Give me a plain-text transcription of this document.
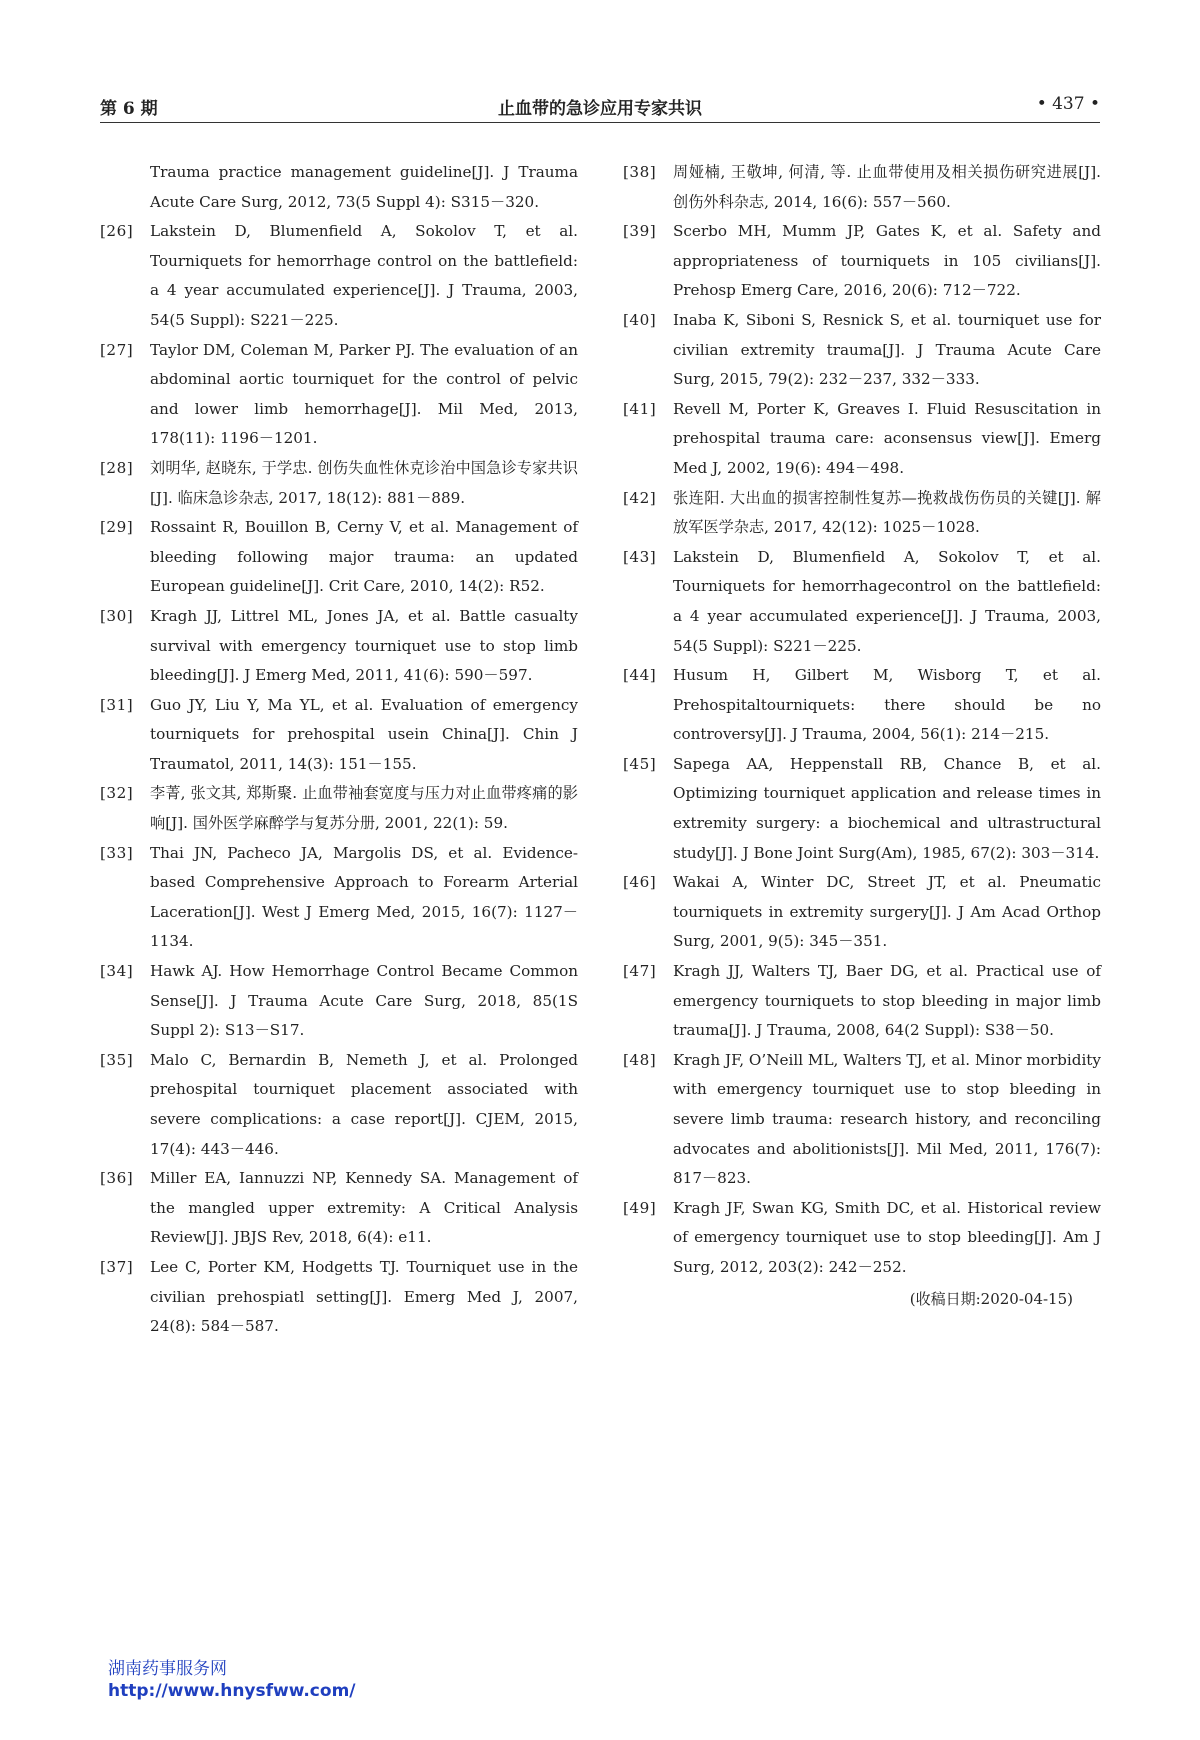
第 6 期	止血带的急诊应用专家共识	• 437 •
Trauma practice management guideline[J]. J Trauma Acute Care Surg, 2012, 73(5 Suppl 4): S315－320.
[26] Lakstein D, Blumenfield A, Sokolov T, et al. Tourniquets for hemorrhage control on the battlefield: a 4 year accumulated experience[J]. J Trauma, 2003, 54(5 Suppl): S221－225.
[27] Taylor DM, Coleman M, Parker PJ. The evaluation of an abdominal aortic tourniquet for the control of pelvic and lower limb hemorrhage[J]. Mil Med, 2013, 178(11): 1196－1201.
[28] 刘明华, 赵晓东, 于学忠. 创伤失血性休克诊治中国急诊专家共识[J]. 临床急诊杂志, 2017, 18(12): 881－889.
[29] Rossaint R, Bouillon B, Cerny V, et al. Management of bleeding following major trauma: an updated European guideline[J]. Crit Care, 2010, 14(2): R52.
[30] Kragh JJ, Littrel ML, Jones JA, et al. Battle casualty survival with emergency tourniquet use to stop limb bleeding[J]. J Emerg Med, 2011, 41(6): 590－597.
[31] Guo JY, Liu Y, Ma YL, et al. Evaluation of emergency tourniquets for prehospital usein China[J]. Chin J Traumatol, 2011, 14(3): 151－155.
[32] 李菁, 张文其, 郑斯聚. 止血带袖套宽度与压力对止血带疼痛的影响[J]. 国外医学麻醉学与复苏分册, 2001, 22(1): 59.
[33] Thai JN, Pacheco JA, Margolis DS, et al. Evidence-based Comprehensive Approach to Forearm Arterial Laceration[J]. West J Emerg Med, 2015, 16(7): 1127－1134.
[34] Hawk AJ. How Hemorrhage Control Became Common Sense[J]. J Trauma Acute Care Surg, 2018, 85(1S Suppl 2): S13－S17.
[35] Malo C, Bernardin B, Nemeth J, et al. Prolonged prehospital tourniquet placement associated with severe complications: a case report[J]. CJEM, 2015, 17(4): 443－446.
[36] Miller EA, Iannuzzi NP, Kennedy SA. Management of the mangled upper extremity: A Critical Analysis Review[J]. JBJS Rev, 2018, 6(4): e11.
[37] Lee C, Porter KM, Hodgetts TJ. Tourniquet use in the civilian prehospiatl setting[J]. Emerg Med J, 2007, 24(8): 584－587.
[38] 周娅楠, 王敬坤, 何清, 等. 止血带使用及相关损伤研究进展[J]. 创伤外科杂志, 2014, 16(6): 557－560.
[39] Scerbo MH, Mumm JP, Gates K, et al. Safety and appropriateness of tourniquets in 105 civilians[J]. Prehosp Emerg Care, 2016, 20(6): 712－722.
[40] Inaba K, Siboni S, Resnick S, et al. tourniquet use for civilian extremity trauma[J]. J Trauma Acute Care Surg, 2015, 79(2): 232－237, 332－333.
[41] Revell M, Porter K, Greaves I. Fluid Resuscitation in prehospital trauma care: aconsensus view[J]. Emerg Med J, 2002, 19(6): 494－498.
[42] 张连阳. 大出血的损害控制性复苏—挽救战伤伤员的关键[J]. 解放军医学杂志, 2017, 42(12): 1025－1028.
[43] Lakstein D, Blumenfield A, Sokolov T, et al. Tourniquets for hemorrhagecontrol on the battlefield: a 4 year accumulated experience[J]. J Trauma, 2003, 54(5 Suppl): S221－225.
[44] Husum H, Gilbert M, Wisborg T, et al. Prehospitaltourniquets: there should be no controversy[J]. J Trauma, 2004, 56(1): 214－215.
[45] Sapega AA, Heppenstall RB, Chance B, et al. Optimizing tourniquet application and release times in extremity surgery: a biochemical and ultrastructural study[J]. J Bone Joint Surg(Am), 1985, 67(2): 303－314.
[46] Wakai A, Winter DC, Street JT, et al. Pneumatic tourniquets in extremity surgery[J]. J Am Acad Orthop Surg, 2001, 9(5): 345－351.
[47] Kragh JJ, Walters TJ, Baer DG, et al. Practical use of emergency tourniquets to stop bleeding in major limb trauma[J]. J Trauma, 2008, 64(2 Suppl): S38－50.
[48] Kragh JF, O’Neill ML, Walters TJ, et al. Minor morbidity with emergency tourniquet use to stop bleeding in severe limb trauma: research history, and reconciling advocates and abolitionists[J]. Mil Med, 2011, 176(7): 817－823.
[49] Kragh JF, Swan KG, Smith DC, et al. Historical review of emergency tourniquet use to stop bleeding[J]. Am J Surg, 2012, 203(2): 242－252.
(收稿日期:2020-04-15)
湖南药事服务网
http://www.hnysfww.com/
